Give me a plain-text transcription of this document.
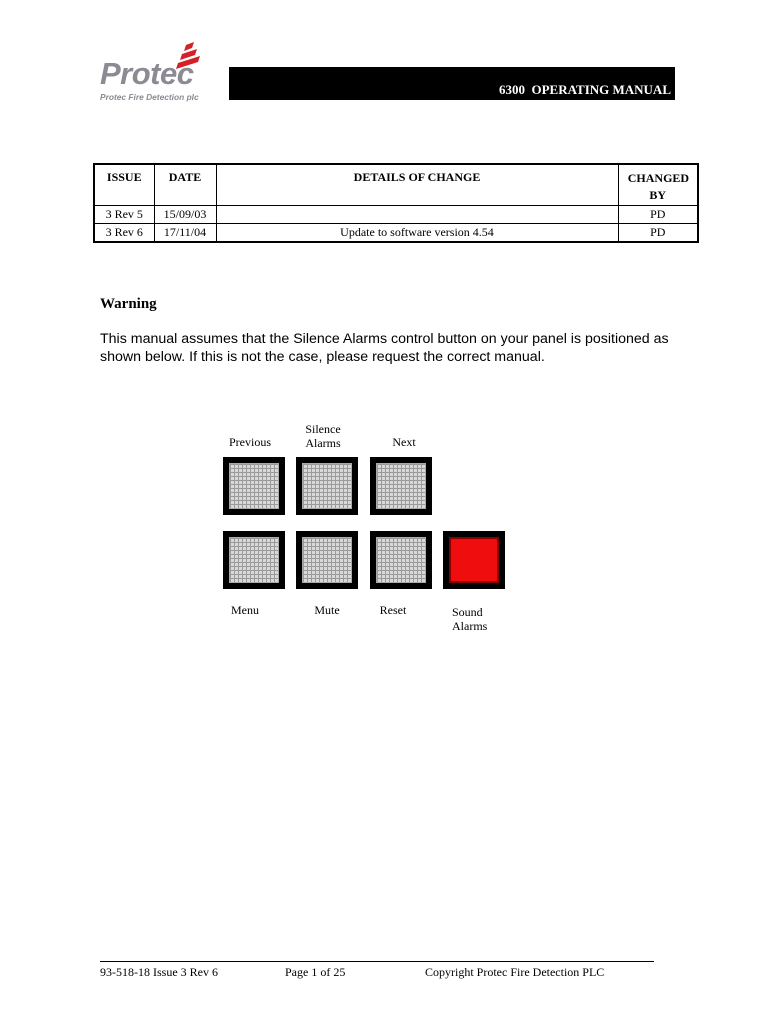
Protec
Protec Fire Detection plc	6300  OPERATING MANUAL
ISSUE	DATE	DETAILS OF CHANGE	CHANGED BY
3 Rev 5	15/09/03		PD
3 Rev 6	17/11/04	Update to software version 4.54	PD
Warning
This manual assumes that the Silence Alarms control button on your panel is positioned as shown below. If this is not the case, please request the correct manual.
Previous
Silence Alarms	Next
Menu	Mute	Reset	Sound Alarms
93-518-18 Issue 3 Rev 6	Page 1 of 25	Copyright Protec Fire Detection PLC
